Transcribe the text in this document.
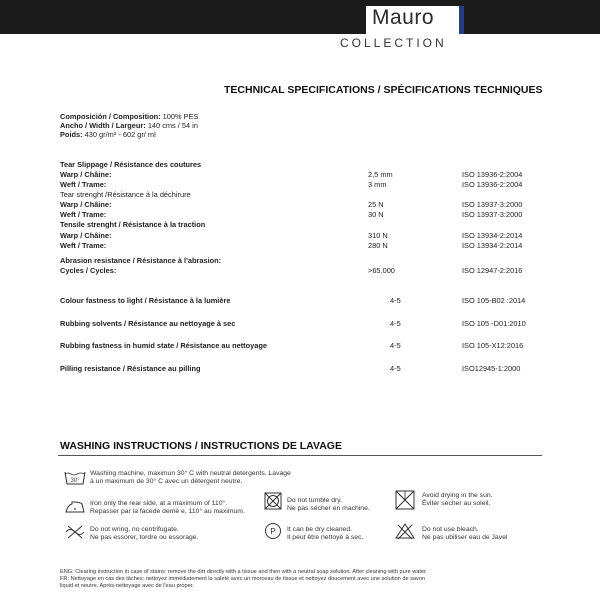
Mauro
COLLECTION
TECHNICAL SPECIFICATIONS / SPÉCIFICATIONS TECHNIQUES
Composición / Composition: 100% PES
Ancho / Width / Largeur: 140 cms / 54 in
Poids: 430 gr/m² - 602 gr/ ml
Tear Slippage / Résistance des coutures
Warp / Châine:	2,5 mm	ISO 13936-2:2004
Weft / Trame:	3 mm	ISO 13936-2:2004
Tear strenght /Résistance à la déchirure
Warp / Châine:	25 N	ISO 13937-3:2000
Weft / Trame:	30 N	ISO 13937-3:2000
Tensile strenght / Résistance à la traction
Warp / Châine:	310 N	ISO 13934-2:2014
Weft / Trame:	280 N	ISO 13934-2:2014
Abrasion resistance / Résistance à l'abrasion:
Cycles / Cycles:	>65.000	ISO 12947-2:2016
Colour fastness to light / Résistance à la lumière	4-5	ISO 105-B02 :2014
Rubbing solvents / Résistance au nettoyage à sec	4-5	ISO 105 -D01:2010
Rubbing fastness in humid state / Résistance au nettoyage	4-5	ISO 105-X12:2016
Pilling resistance / Résistance au pilling	4-5	ISO12945-1:2000
WASHING INSTRUCTIONS / INSTRUCTIONS DE LAVAGE
30°
Washing machine, maximun 30° C with neutral detergents. Lavage
à un maximum de 30° C avec un détergent neutre.
Iron only the rear side, at a maximum of 110°.
Repasser par la facede demè e, 110° au maximum.
Do not tumble dry.
Ne pas sécher en machine.
Avoid drying in the sun.
Éviter sécher au soleil.
Do not wring, no centrifugate.
Ne pas essorer, tordre ou essorage.
P It can be dry cleaned.
Il peut être nettoyé à sec.
Do not use bleach.
Ne pas ubiliser eau de Javel
ENG: Clearing instruction in case of stains: remove the dirt directly with a tissue and then with a neutral soap solution. After cleaning with pure water.
FR: Nettoyage en cas des tâches: nettoyez immédiatement la saleté avec un morceau de tissue et nettoyez doucement avec une solution de savon
liquid et neutre. Après-nettoyage avec de l'eau proper.
